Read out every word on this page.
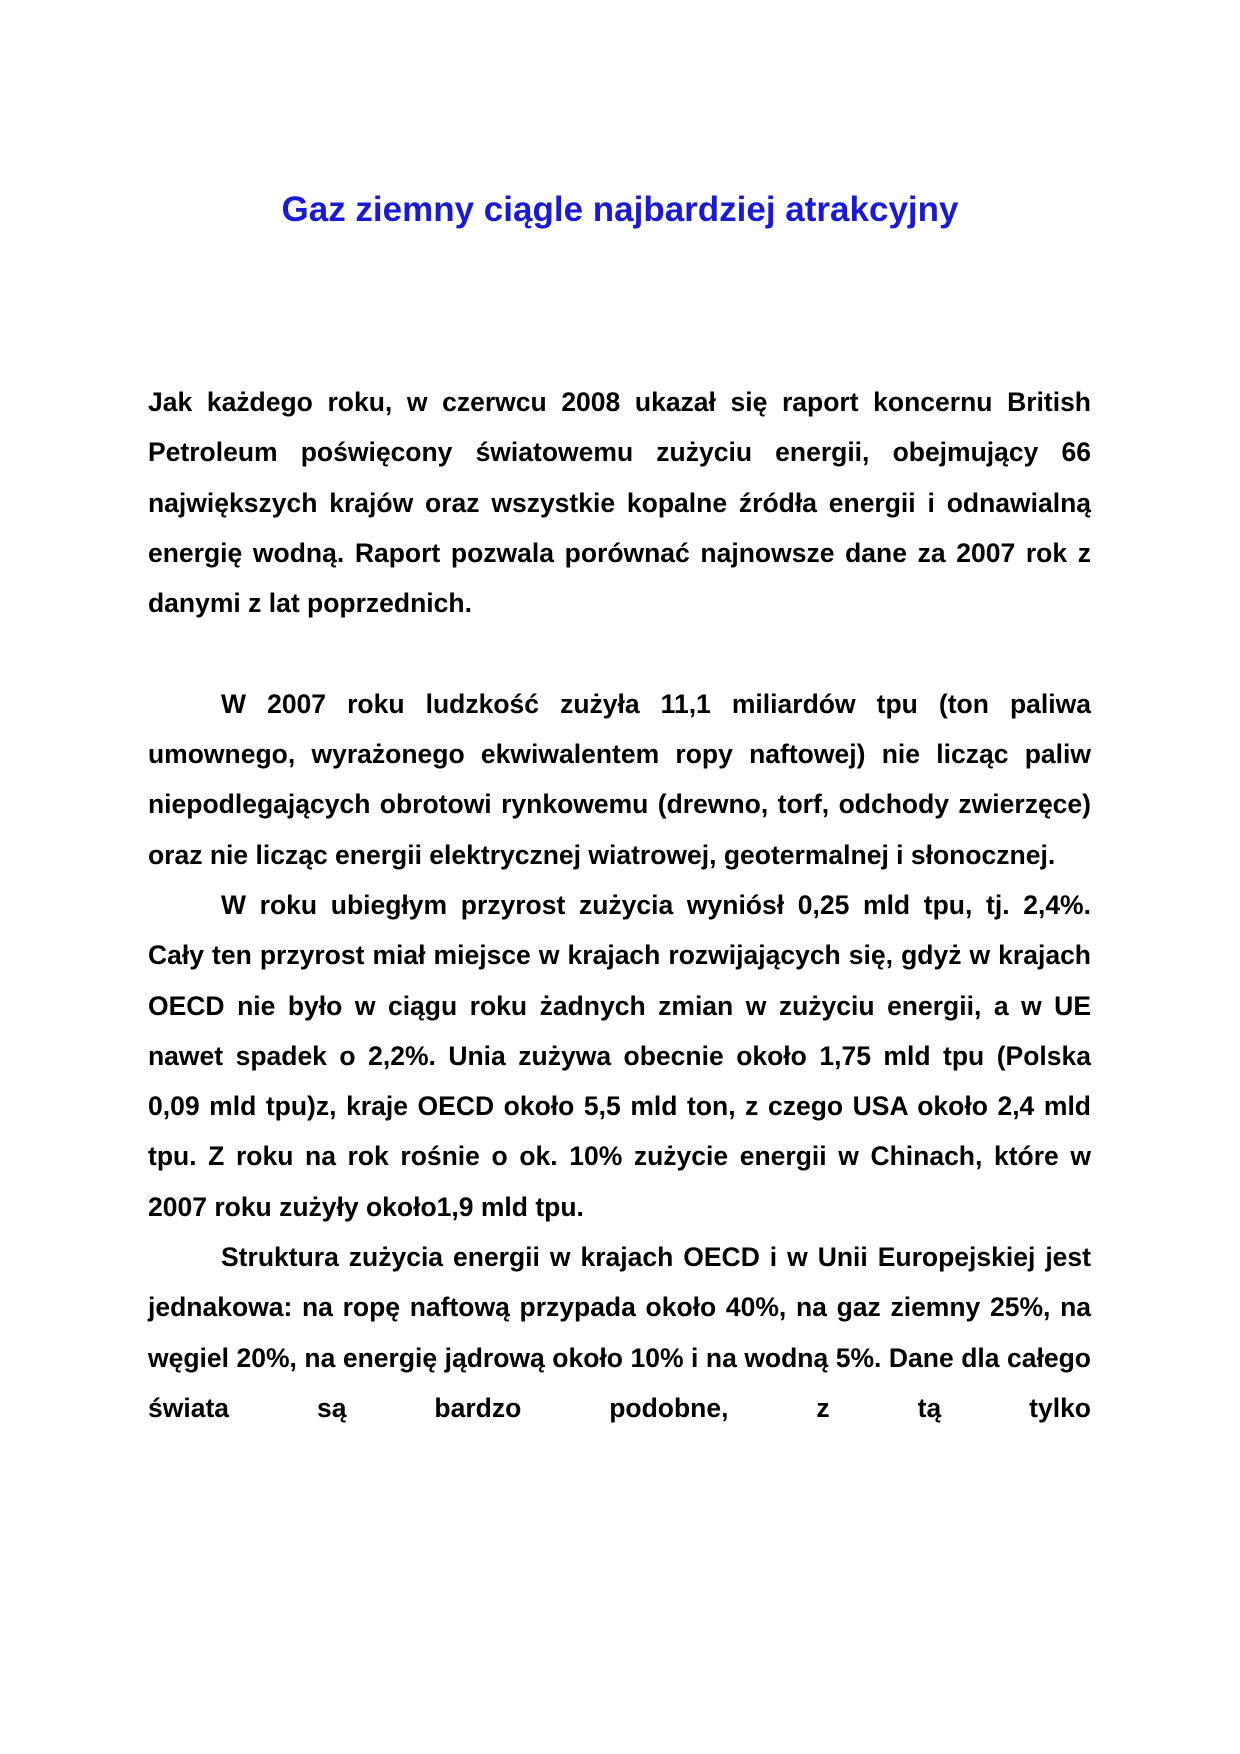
Gaz ziemny ciągle najbardziej atrakcyjny

Jak każdego roku, w czerwcu 2008 ukazał się raport koncernu British Petroleum poświęcony światowemu zużyciu energii, obejmujący 66 największych krajów oraz wszystkie kopalne źródła energii i odnawialną energię wodną. Raport pozwala porównać najnowsze dane za 2007 rok z danymi z lat poprzednich.

W 2007 roku ludzkość zużyła 11,1 miliardów tpu (ton paliwa umownego, wyrażonego ekwiwalentem ropy naftowej) nie licząc paliw niepodlegających obrotowi rynkowemu (drewno, torf, odchody zwierzęce) oraz nie licząc energii elektrycznej wiatrowej, geotermalnej i słonocznej.

W roku ubiegłym przyrost zużycia wyniósł 0,25 mld tpu, tj. 2,4%. Cały ten przyrost miał miejsce w krajach rozwijających się, gdyż w krajach OECD nie było w ciągu roku żadnych zmian w zużyciu energii, a w UE nawet spadek o 2,2%. Unia zużywa obecnie około 1,75 mld tpu (Polska 0,09 mld tpu)z, kraje OECD około 5,5 mld ton, z czego USA około 2,4 mld tpu. Z roku na rok rośnie o ok. 10% zużycie energii w Chinach, które w 2007 roku zużyły około1,9 mld tpu.

Struktura zużycia energii w krajach OECD i w Unii Europejskiej jest jednakowa: na ropę naftową przypada około 40%, na gaz ziemny 25%, na węgiel 20%, na energię jądrową około 10% i na wodną 5%. Dane dla całego świata są bardzo podobne, z tą tylko
